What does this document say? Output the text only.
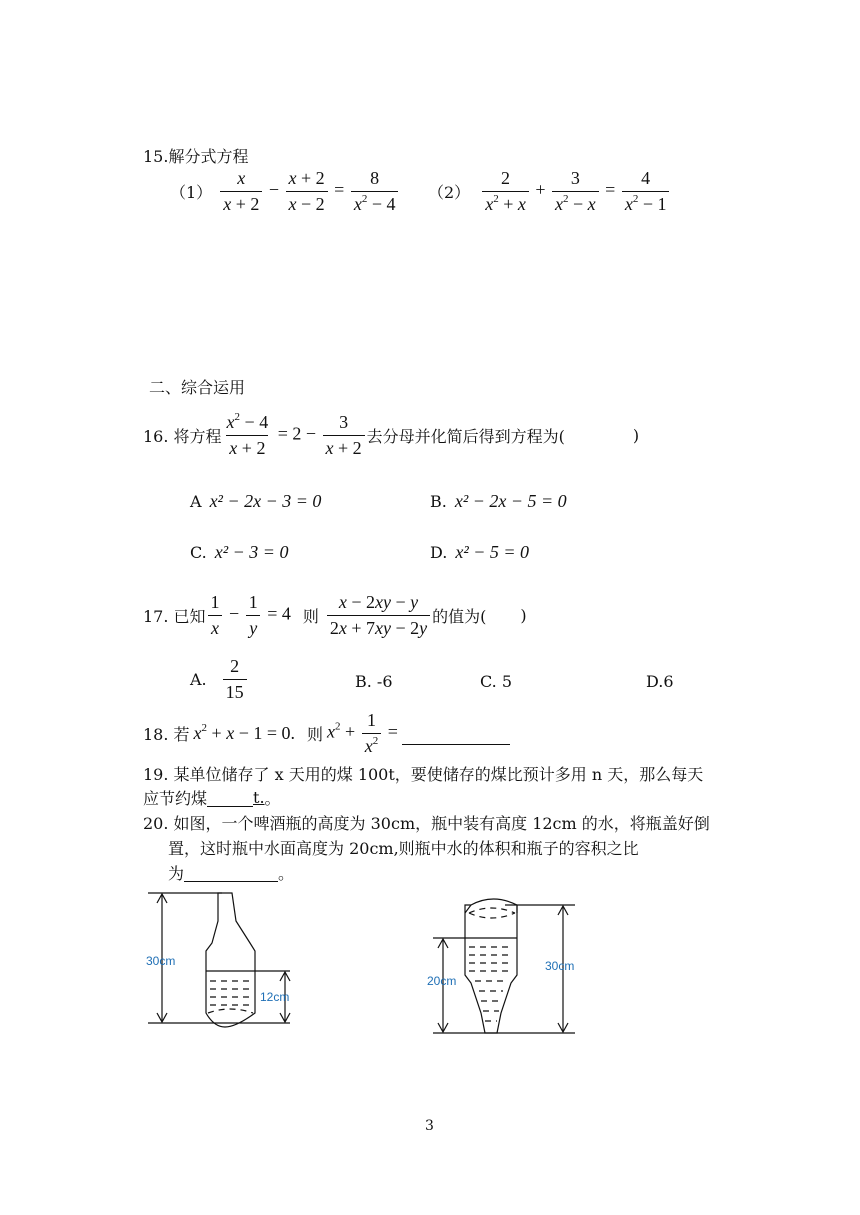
15.解分式方程
$(1) \frac{x}{x + 2} - \frac{x + 2}{x - 2} = \frac{8}{x^2 - 4} (2) \frac{2}{x^2 + x} + \frac{3}{x^2 - x} = \frac{4}{x^2 - 1}$
二、综合运用
16. 将方程 $\frac{x^2 - 4}{x + 2} = 2 - \frac{3}{x + 2}$ 去分母并化简后得到方程为(	)
A x² − 2x − 3 = 0	B. x² − 2x − 5 = 0
C. x² − 3 = 0	D. x² − 5 = 0
17. 已知 $\frac{1}{x} - \frac{1}{y} = 4$ 则 $\frac{x - 2xy - y}{2x + 7xy - 2y}$ 的值为( )
A. $\frac{2}{15}$	B. -6	C. 5	D.6
18. 若 $x^2 + x - 1 = 0$. 则 $x^2 + \frac{1}{x^2}$ =
19. 某单位储存了 x 天用的煤 100t，要使储存的煤比预计多用 n 天，那么每天
应节约煤	t. 。
20. 如图，一个啤酒瓶的高度为 30cm，瓶中装有高度 12cm 的水，将瓶盖好倒
置，这时瓶中水面高度为 20cm,则瓶中水的体积和瓶子的容积之比
为	。
30cm
12cm
20cm
30cm
3
